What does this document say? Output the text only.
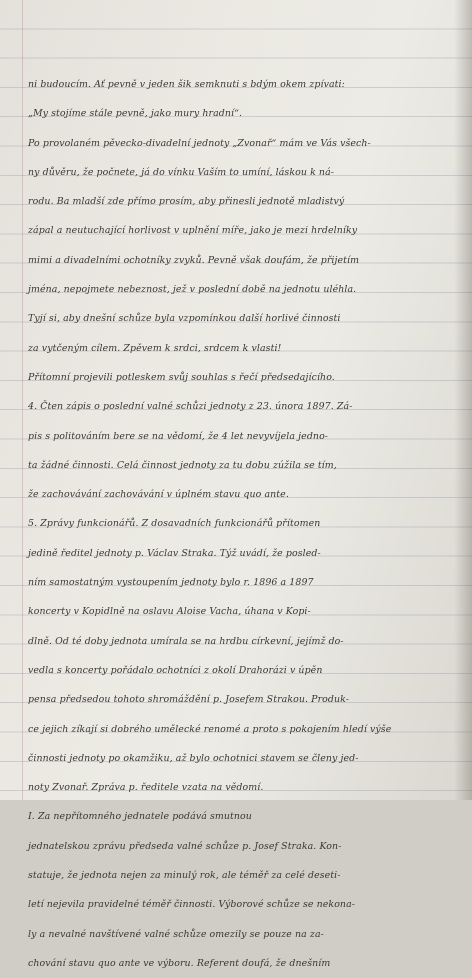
ni budoucím. Ať pevně v jeden šik semknuti s bdým okem zpívati:
„My stojíme stále pevně, jako mury hradní“.
Po provolaném pěvecko-divadelní jednoty „Zvonař“ mám ve Vás všech-
ny důvěru, že počnete, já do vínku Vaším to umíní, láskou k ná-
rodu. Ba mladší zde přímo prosím, aby přinesli jednotě mladistvý
zápal a neutuchající horlivost v uplnění míře, jako je mezi hrdelníky
mimi a divadelními ochotníky zvyků. Pevně však doufám, že přijetím
jména, nepojmete nebeznost, jež v poslední době na jednotu uléhla.
Tyjí si, aby dnešní schůze byla vzpomínkou další horlivé činnosti
za vytčeným cílem. Zpěvem k srdci, srdcem k vlasti!
Přítomní projevili potleskem svůj souhlas s řečí předsedajícího.
4. Čten zápis o poslední valné schůzi jednoty z 23. února 1897. Zá-
pis s politováním bere se na vědomí, že 4 let nevyvíjela jedno-
ta žádné činnosti. Celá činnost jednoty za tu dobu zúžila se tím,
že zachovávání zachovávání v úplném stavu quo ante.
5. Zprávy funkcionářů. Z dosavadních funkcionářů přítomen
jedině ředitel jednoty p. Václav Straka. Týž uvádí, že posled-
ním samostatným vystoupením jednoty bylo r. 1896 a 1897
koncerty v Kopidlně na oslavu Aloise Vacha, úhana v Kopi-
dlně. Od té doby jednota umírala se na hrdbu církevní, jejímž do-
vedla s koncerty pořádalo ochotníci z okolí Drahorázi v úpěn
pensa předsedou tohoto shromáždění p. Josefem Strakou. Produk-
ce jejich zíkají si dobrého umělecké renomé a proto s pokojením hledí výše
činnosti jednoty po okamžiku, až bylo ochotnici stavem se členy jed-
noty Zvonař. Zpráva p. ředitele vzata na vědomí.
I. Za nepřítomného jednatele podává smutnou
jednatelskou zprávu předseda valné schůze p. Josef Straka. Kon-
statuje, že jednota nejen za minulý rok, ale téměř za celé deseti-
letí nejevila pravidelné téměř činnosti. Výborové schůze se nekona-
ly a nevalné navštívené valné schůze omezily se pouze na za-
chování stavu quo ante ve výboru. Referent doufá, že dnešním
